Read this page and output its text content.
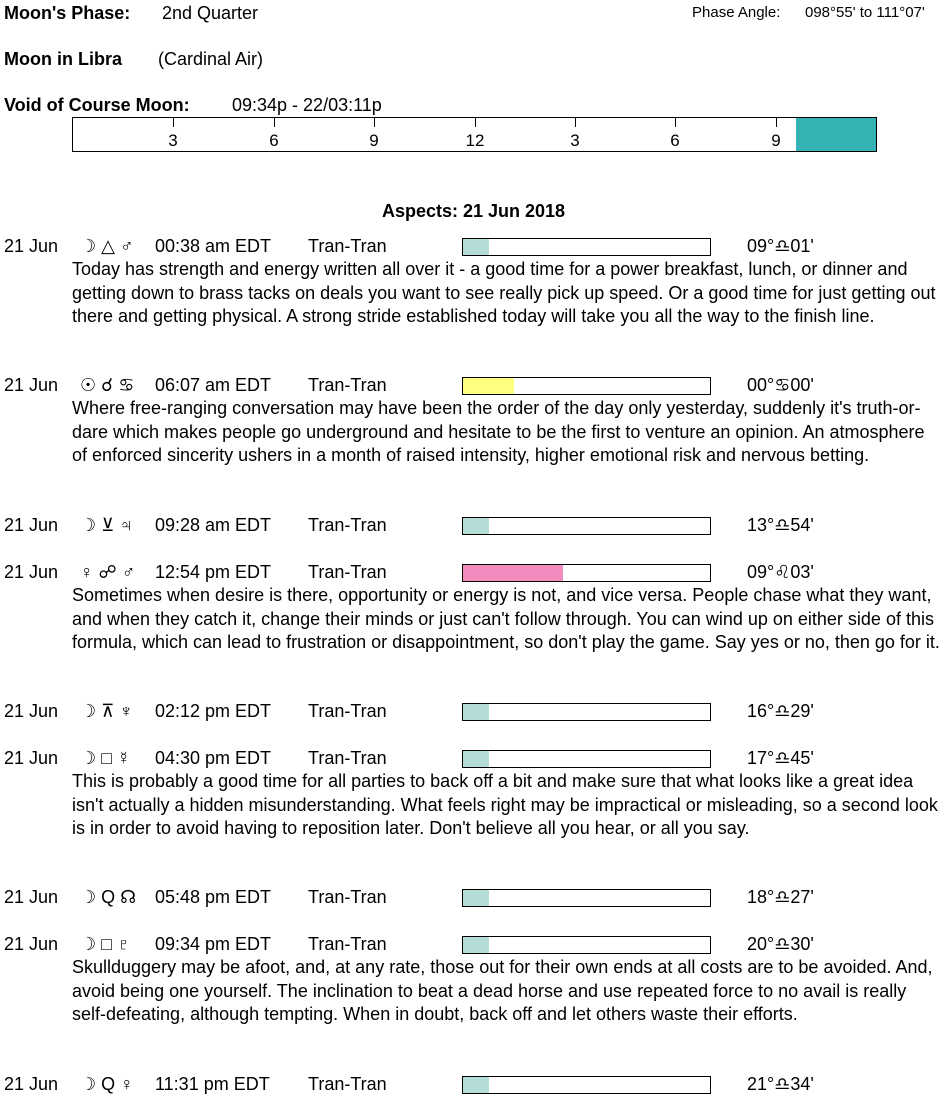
Moon's Phase: 2nd Quarter	Phase Angle: 098°55' to 111°07'
Moon in Libra (Cardinal Air)
Void of Course Moon: 09:34p - 22/03:11p
3	6	9	12	3	6	9
Aspects: 21 Jun 2018
21 Jun ☽ △ ♂ 00:38 am EDT Tran-Tran	09°♎01'
Today has strength and energy written all over it - a good time for a power breakfast, lunch, or dinner and getting down to brass tacks on deals you want to see really pick up speed. Or a good time for just getting out there and getting physical. A strong stride established today will take you all the way to the finish line.
21 Jun ☉ ☌ ♋ 06:07 am EDT Tran-Tran	00°♋00'
Where free-ranging conversation may have been the order of the day only yesterday, suddenly it's truth-or-dare which makes people go underground and hesitate to be the first to venture an opinion. An atmosphere of enforced sincerity ushers in a month of raised intensity, higher emotional risk and nervous betting.
21 Jun ☽ ⊻ ♃ 09:28 am EDT Tran-Tran	13°♎54'
21 Jun ♀ ☍ ♂ 12:54 pm EDT Tran-Tran	09°♌03'
Sometimes when desire is there, opportunity or energy is not, and vice versa. People chase what they want, and when they catch it, change their minds or just can't follow through. You can wind up on either side of this formula, which can lead to frustration or disappointment, so don't play the game. Say yes or no, then go for it.
21 Jun ☽ ⊼ ♆ 02:12 pm EDT Tran-Tran	16°♎29'
21 Jun ☽ □ ☿ 04:30 pm EDT Tran-Tran	17°♎45'
This is probably a good time for all parties to back off a bit and make sure that what looks like a great idea isn't actually a hidden misunderstanding. What feels right may be impractical or misleading, so a second look is in order to avoid having to reposition later. Don't believe all you hear, or all you say.
21 Jun ☽ Q ☊ 05:48 pm EDT Tran-Tran	18°♎27'
21 Jun ☽ □ ♇ 09:34 pm EDT Tran-Tran	20°♎30'
Skullduggery may be afoot, and, at any rate, those out for their own ends at all costs are to be avoided. And, avoid being one yourself. The inclination to beat a dead horse and use repeated force to no avail is really self-defeating, although tempting. When in doubt, back off and let others waste their efforts.
21 Jun ☽ Q ♀ 11:31 pm EDT Tran-Tran	21°♎34'
